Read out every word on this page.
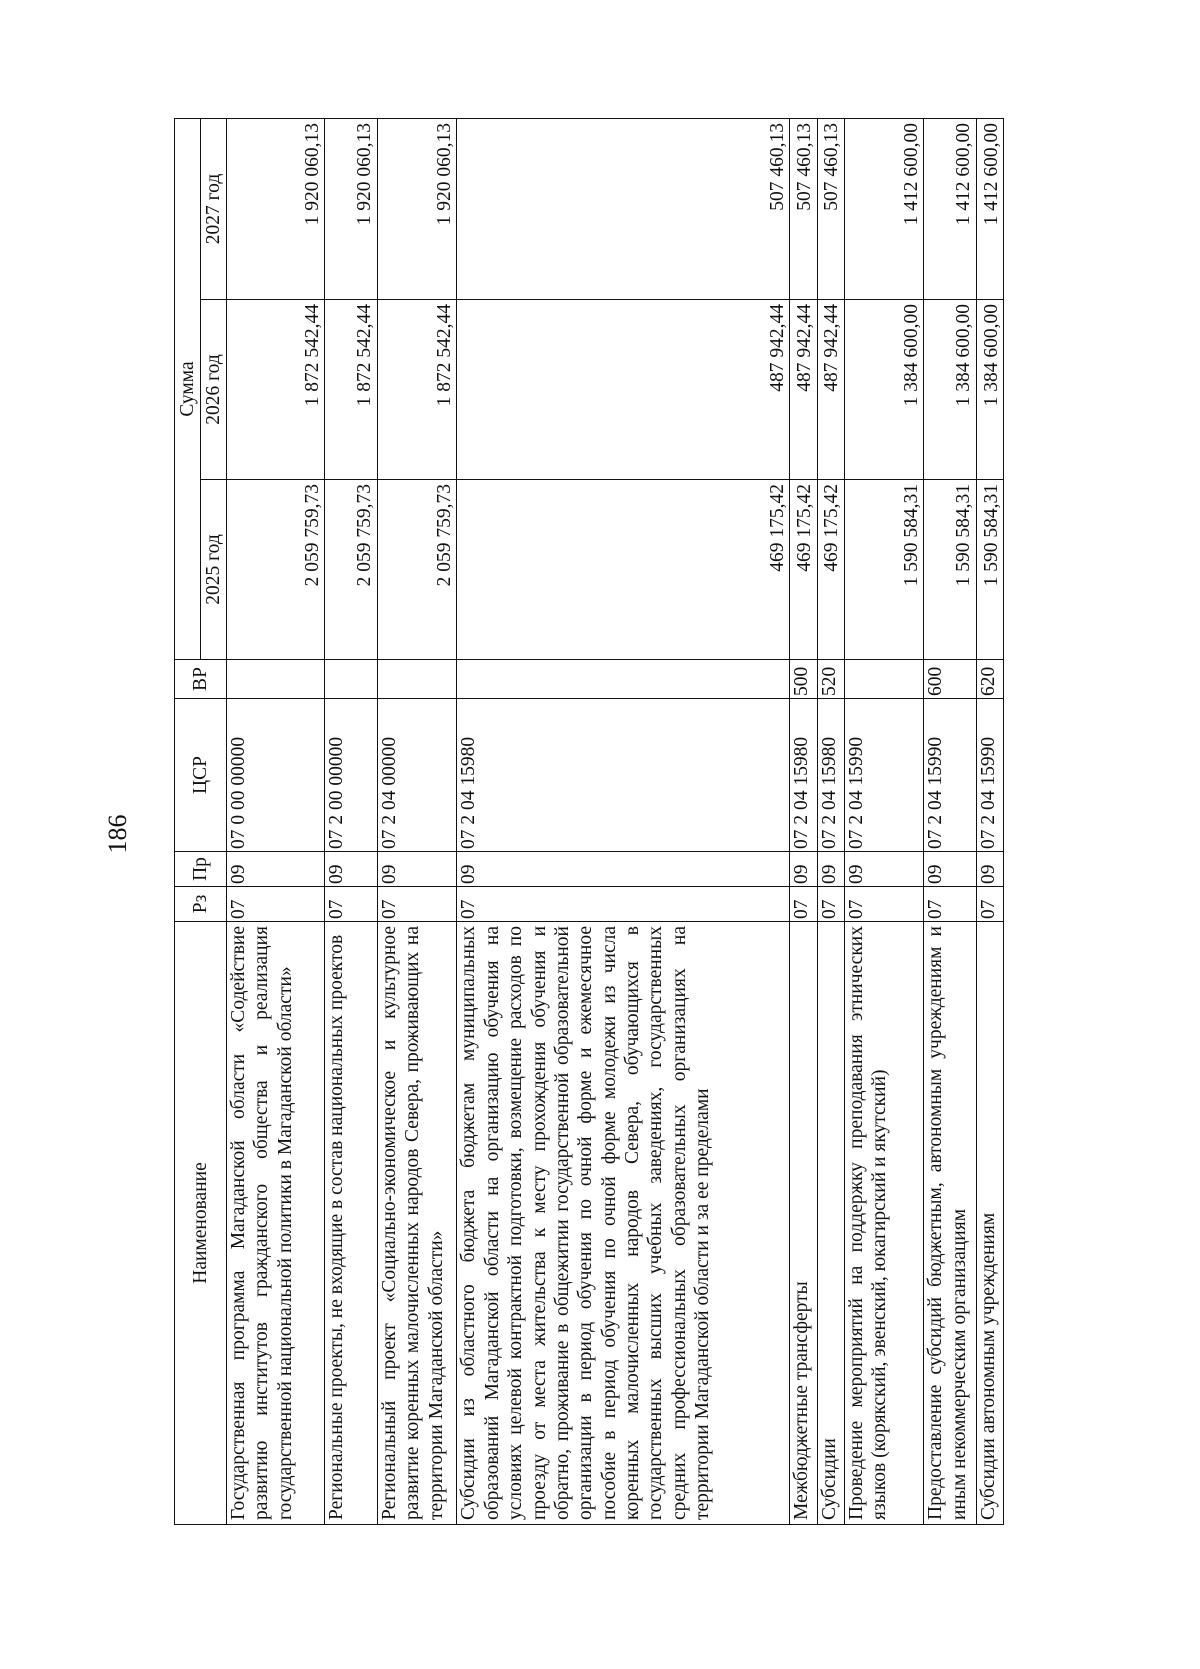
186
Наименование	Рз	Пр	ЦСР	ВР	Сумма		
					2025 год	2026 год	2027 год
Государственная программа Магаданской области «Содействие развитию институтов гражданского общества и реализация государственной национальной политики в Магаданской области»	07	09	07 0 00 00000		2 059 759,73	1 872 542,44	1 920 060,13
Региональные проекты, не входящие в состав национальных проектов	07	09	07 2 00 00000		2 059 759,73	1 872 542,44	1 920 060,13
Региональный проект «Социально-экономическое и культурное развитие коренных малочисленных народов Севера, проживающих на территории Магаданской области»	07	09	07 2 04 00000		2 059 759,73	1 872 542,44	1 920 060,13
Субсидии из областного бюджета бюджетам муниципальных образований Магаданской области на организацию обучения на условиях целевой контрактной подготовки, возмещение расходов по проезду от места жительства к месту прохождения обучения и обратно, проживание в общежитии государственной образовательной организации в период обучения по очной форме и ежемесячное пособие в период обучения по очной форме молодежи из числа коренных малочисленных народов Севера, обучающихся в государственных высших учебных заведениях, государственных средних профессиональных образовательных организациях на территории Магаданской области и за ее пределами	07	09	07 2 04 15980		469 175,42	487 942,44	507 460,13
Межбюджетные трансферты	07	09	07 2 04 15980	500	469 175,42	487 942,44	507 460,13
Субсидии	07	09	07 2 04 15980	520	469 175,42	487 942,44	507 460,13
Проведение мероприятий на поддержку преподавания этнических языков (корякский, эвенский, юкагирский и якутский)	07	09	07 2 04 15990		1 590 584,31	1 384 600,00	1 412 600,00
Предоставление субсидий бюджетным, автономным учреждениям и иным некоммерческим организациям	07	09	07 2 04 15990	600	1 590 584,31	1 384 600,00	1 412 600,00
Субсидии автономным учреждениям	07	09	07 2 04 15990	620	1 590 584,31	1 384 600,00	1 412 600,00
